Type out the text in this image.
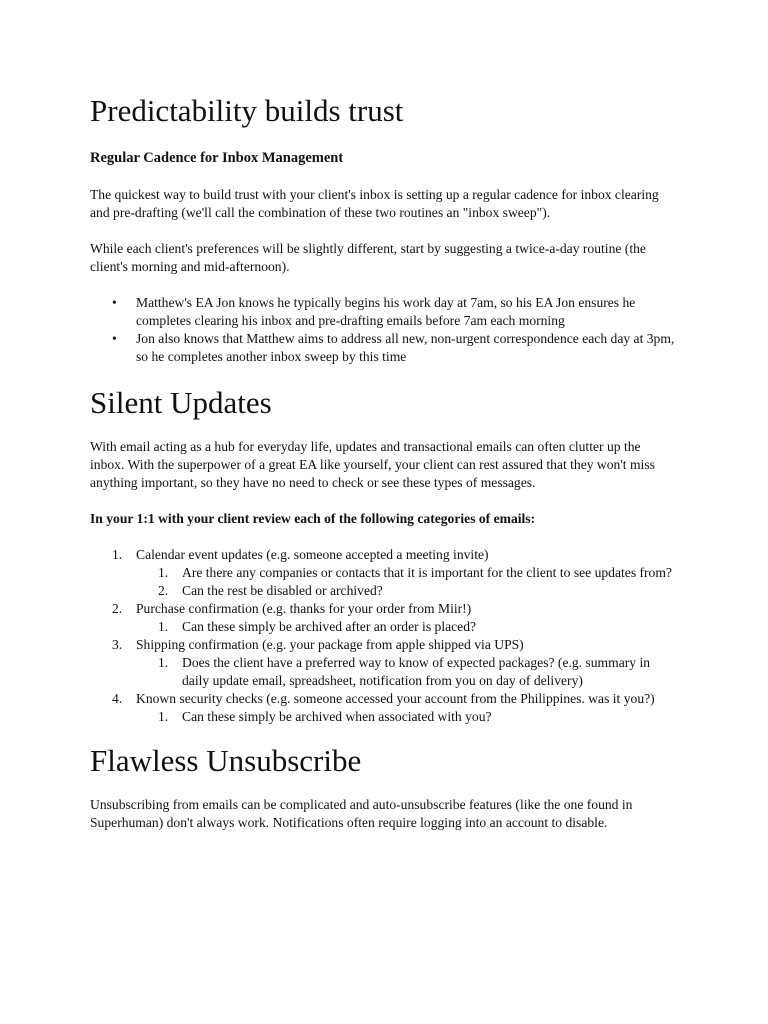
Predictability builds trust
Regular Cadence for Inbox Management

The quickest way to build trust with your client's inbox is setting up a regular cadence for inbox clearing and pre-drafting (we'll call the combination of these two routines an "inbox sweep").

While each client's preferences will be slightly different, start by suggesting a twice-a-day routine (the client's morning and mid-afternoon).

• Matthew's EA Jon knows he typically begins his work day at 7am, so his EA Jon ensures he completes clearing his inbox and pre-drafting emails before 7am each morning
• Jon also knows that Matthew aims to address all new, non-urgent correspondence each day at 3pm, so he completes another inbox sweep by this time
Silent Updates

With email acting as a hub for everyday life, updates and transactional emails can often clutter up the inbox. With the superpower of a great EA like yourself, your client can rest assured that they won't miss anything important, so they have no need to check or see these types of messages.

In your 1:1 with your client review each of the following categories of emails:

1. Calendar event updates (e.g. someone accepted a meeting invite)
1. Are there any companies or contacts that it is important for the client to see updates from?
2. Can the rest be disabled or archived?
2. Purchase confirmation (e.g. thanks for your order from Miir!)
1. Can these simply be archived after an order is placed?
3. Shipping confirmation (e.g. your package from apple shipped via UPS)
1. Does the client have a preferred way to know of expected packages? (e.g. summary in daily update email, spreadsheet, notification from you on day of delivery)
4. Known security checks (e.g. someone accessed your account from the Philippines. was it you?)
1. Can these simply be archived when associated with you?
Flawless Unsubscribe

Unsubscribing from emails can be complicated and auto-unsubscribe features (like the one found in Superhuman) don't always work. Notifications often require logging into an account to disable.
